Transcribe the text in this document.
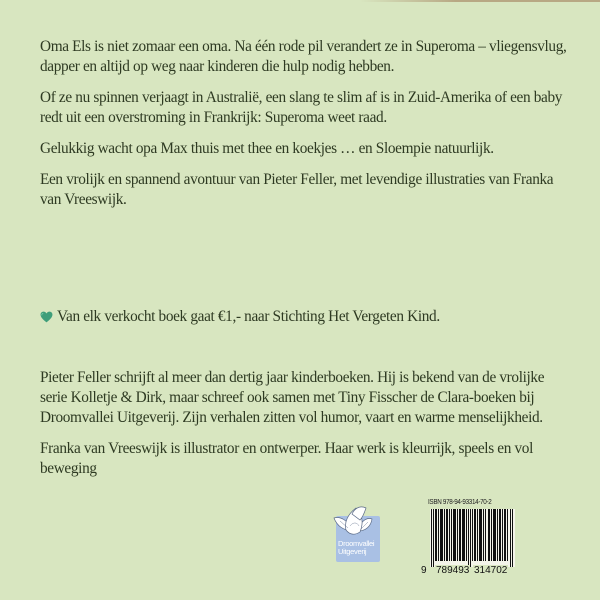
Oma Els is niet zomaar een oma. Na één rode pil verandert ze in Superoma – vliegensvlug, dapper en altijd op weg naar kinderen die hulp nodig hebben.

Of ze nu spinnen verjaagt in Australië, een slang te slim af is in Zuid-Amerika of een baby redt uit een overstroming in Frankrijk: Superoma weet raad.

Gelukkig wacht opa Max thuis met thee en koekjes … en Sloempie natuurlijk.

Een vrolijk en spannend avontuur van Pieter Feller, met levendige illustraties van Franka van Vreeswijk.

Van elk verkocht boek gaat €1,- naar Stichting Het Vergeten Kind.

Pieter Feller schrijft al meer dan dertig jaar kinderboeken. Hij is bekend van de vrolijke serie Kolletje & Dirk, maar schreef ook samen met Tiny Fisscher de Clara-boeken bij Droomvallei Uitgeverij. Zijn verhalen zitten vol humor, vaart en warme menselijkheid.

Franka van Vreeswijk is illustrator en ontwerper. Haar werk is kleurrijk, speels en vol beweging

Droomvallei
Uitgeverij
ISBN 978-94-93314-70-2
9 789493 314702
